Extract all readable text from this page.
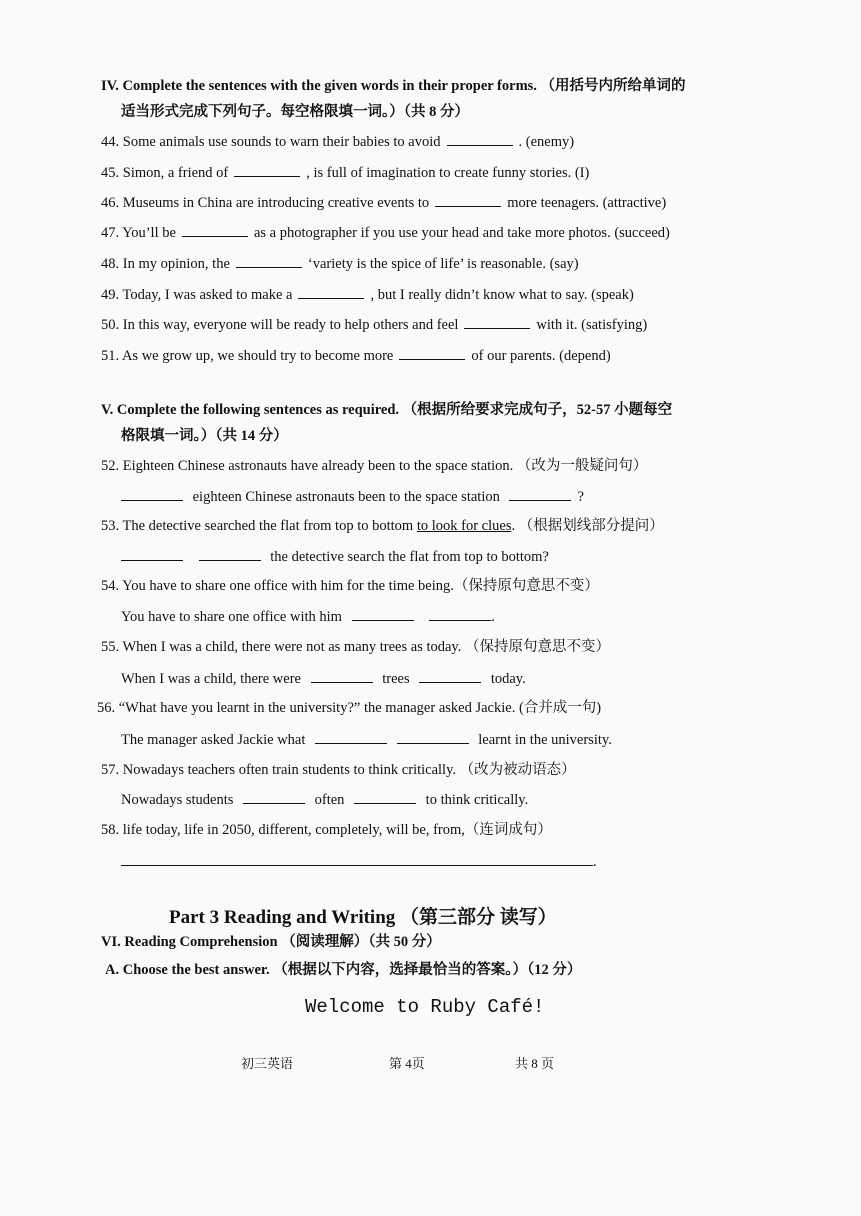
IV. Complete the sentences with the given words in their proper forms. （用括号内所给单词的
适当形式完成下列句子。每空格限填一词。）（共 8 分）
44. Some animals use sounds to warn their babies to avoid	. (enemy)
45. Simon, a friend of	, is full of imagination to create funny stories. (I)
46. Museums in China are introducing creative events to	more teenagers. (attractive)
47. You’ll be	as a photographer if you use your head and take more photos. (succeed)
48. In my opinion, the	‘variety is the spice of life’ is reasonable. (say)
49. Today, I was asked to make a	, but I really didn’t know what to say. (speak)
50. In this way, everyone will be ready to help others and feel	with it. (satisfying)
51. As we grow up, we should try to become more	of our parents. (depend)
V. Complete the following sentences as required. （根据所给要求完成句子，52-57 小题每空
格限填一词。）（共 14 分）
52. Eighteen Chinese astronauts have already been to the space station. （改为一般疑问句）
eighteen Chinese astronauts been to the space station	?
53. The detective searched the flat from top to bottom to look for clues. （根据划线部分提问）
the detective search the flat from top to bottom?
54. You have to share one office with him for the time being.（保持原句意思不变）
You have to share one office with him	.
55. When I was a child, there were not as many trees as today. （保持原句意思不变）
When I was a child, there were	trees	today.
56. “What have you learnt in the university?” the manager asked Jackie. (合并成一句)
The manager asked Jackie what	learnt in the university.
57. Nowadays teachers often train students to think critically. （改为被动语态）
Nowadays students	often	to think critically.
58. life today, life in 2050, different, completely, will be, from,（连词成句）
.
Part 3 Reading and Writing （第三部分 读写）
VI. Reading Comprehension （阅读理解）（共 50 分）
A. Choose the best answer. （根据以下内容，选择最恰当的答案。）（12 分）
Welcome to Ruby Café!
初三英语	第 4页	共 8 页
